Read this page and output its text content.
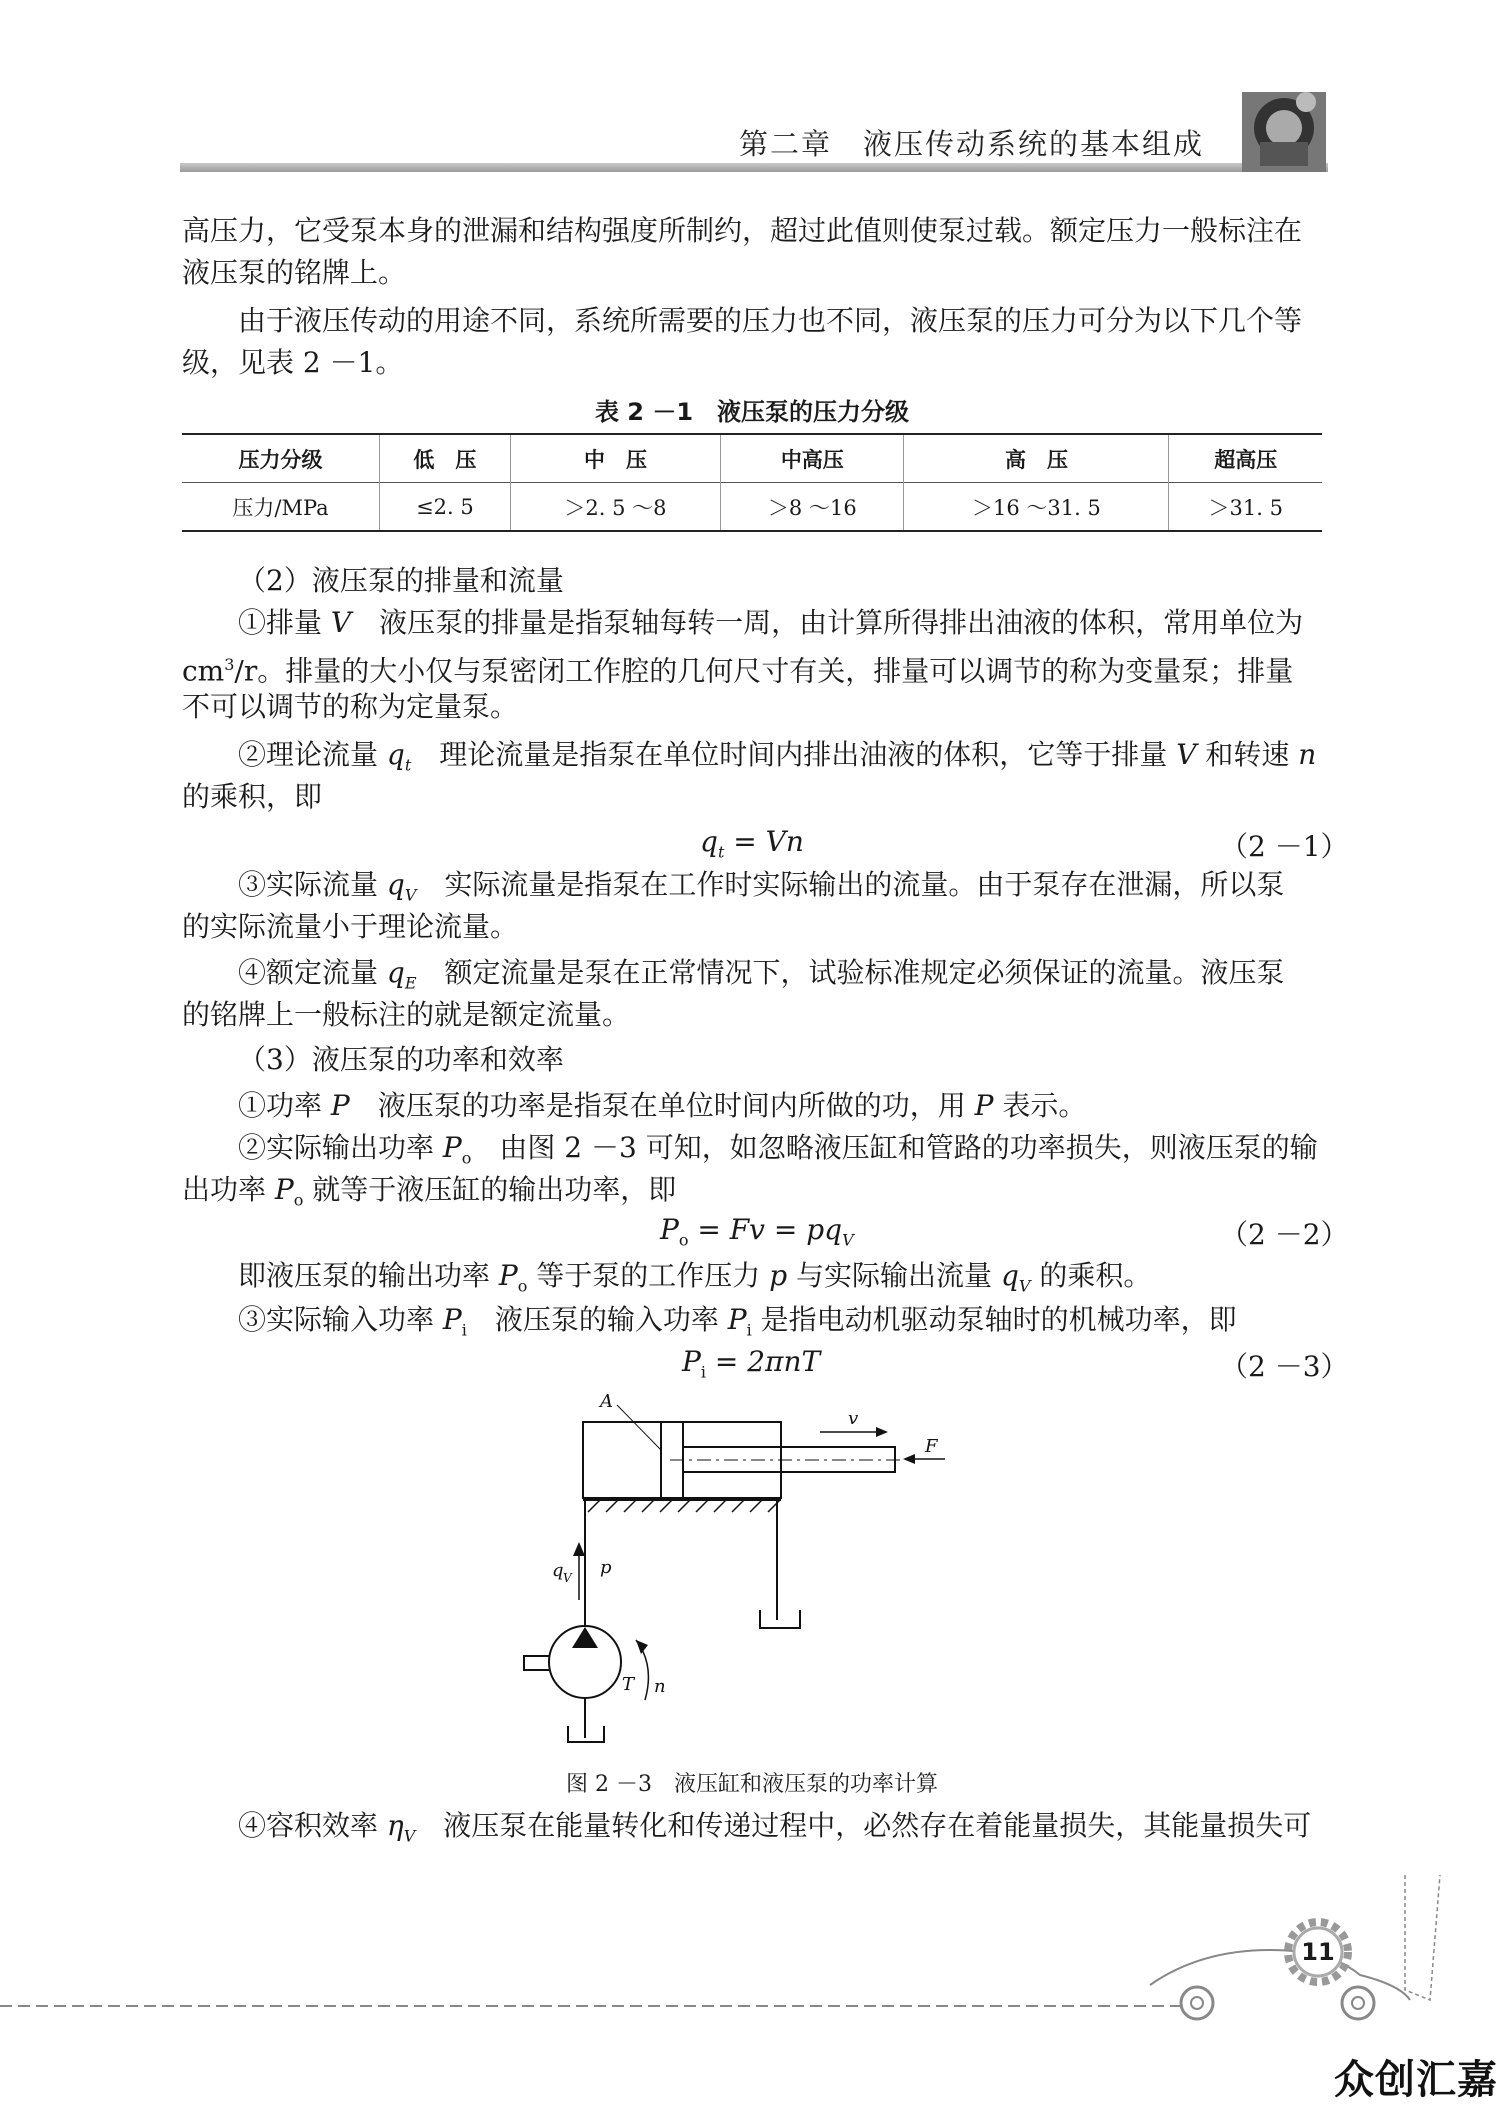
第二章　液压传动系统的基本组成
高压力，它受泵本身的泄漏和结构强度所制约，超过此值则使泵过载。额定压力一般标注在
液压泵的铭牌上。
由于液压传动的用途不同，系统所需要的压力也不同，液压泵的压力可分为以下几个等
级，见表 2 －1。
表 2 －1　液压泵的压力分级
压力分级	低　压	中　压	中高压	高　压	超高压
压力/MPa	≤2. 5	＞2. 5 ～8	＞8 ～16	＞16 ～31. 5	＞31. 5
（2）液压泵的排量和流量
①排量 V　液压泵的排量是指泵轴每转一周，由计算所得排出油液的体积，常用单位为
$cm^3/r$。排量的大小仅与泵密闭工作腔的几何尺寸有关，排量可以调节的称为变量泵；排量
不可以调节的称为定量泵。
②理论流量 $q_t$　理论流量是指泵在单位时间内排出油液的体积，它等于排量 V 和转速 n
的乘积，即
$q_t = Vn$	（2 －1）
③实际流量 $q_V$　实际流量是指泵在工作时实际输出的流量。由于泵存在泄漏，所以泵
的实际流量小于理论流量。
④额定流量 $q_E$　额定流量是泵在正常情况下，试验标准规定必须保证的流量。液压泵
的铭牌上一般标注的就是额定流量。
（3）液压泵的功率和效率
①功率 P　液压泵的功率是指泵在单位时间内所做的功，用 P 表示。
②实际输出功率 $P_o$　由图 2 －3 可知，如忽略液压缸和管路的功率损失，则液压泵的输
出功率 $P_o$ 就等于液压缸的输出功率，即
$P_o = Fv = pq_V$	（2 －2）
即液压泵的输出功率 $P_o$ 等于泵的工作压力 p 与实际输出流量 $q_V$ 的乘积。
③实际输入功率 $P_i$　液压泵的输入功率 $P_i$ 是指电动机驱动泵轴时的机械功率，即
$P_i = 2\pi nT$	（2 －3）
A
v
F
q V p
T n
图 2 －3　液压缸和液压泵的功率计算
④容积效率 $\eta_V$　液压泵在能量转化和传递过程中，必然存在着能量损失，其能量损失可
11
众创汇嘉
